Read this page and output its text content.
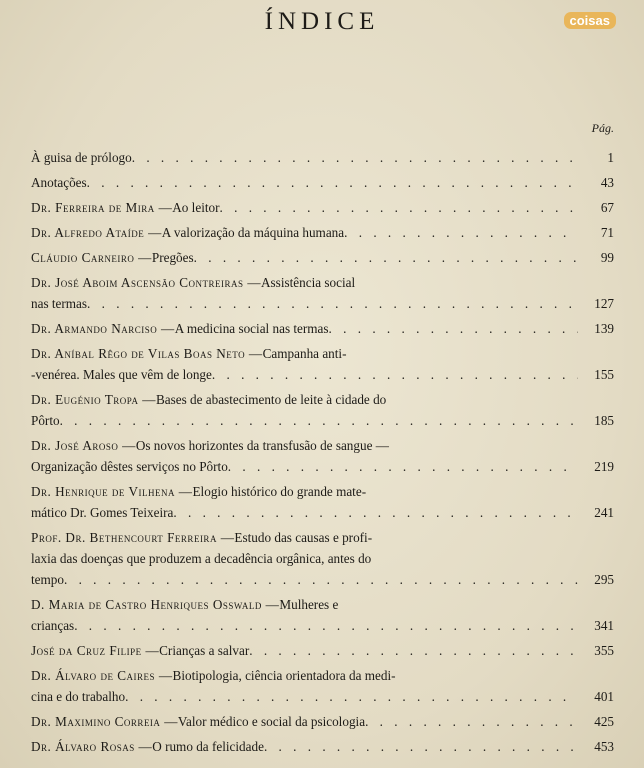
ÍNDICE	coisas
Pág.
À guisa de prólogo . . .	1
Anotações . . .	43
Dr. Ferreira de Mira — Ao leitor . . .	67
Dr. Alfredo Ataíde — A valorização da máquina humana . . .	71
Cláudio Carneiro — Pregões . . .	99
Dr. José Aboim Ascensão Contreiras — Assistência social
nas termas . . .	127
Dr. Armando Narciso — A medicina social nas termas . . .	139
Dr. Aníbal Rêgo de Vilas Boas Neto — Campanha anti-
-venérea. Males que vêm de longe . . .	155
Dr. Eugénio Tropa — Bases de abastecimento de leite à cidade do
Pôrto . . .	185
Dr. José Aroso — Os novos horizontes da transfusão de sangue —
Organização dêstes serviços no Pôrto . . .	219
Dr. Henrique de Vilhena — Elogio histórico do grande mate-
mático Dr. Gomes Teixeira . . .	241
Prof. Dr. Bethencourt Ferreira — Estudo das causas e profi-
laxia das doenças que produzem a decadência orgânica, antes do
tempo . . .	295
D. Maria de Castro Henriques Osswald — Mulheres e
crianças . . .	341
José da Cruz Filipe — Crianças a salvar . . .	355
Dr. Álvaro de Caires — Biotipologia, ciência orientadora da medi-
cina e do trabalho . . .	401
Dr. Maximino Correia — Valor médico e social da psicologia . . .	425
Dr. Álvaro Rosas — O rumo da felicidade . . .	453
